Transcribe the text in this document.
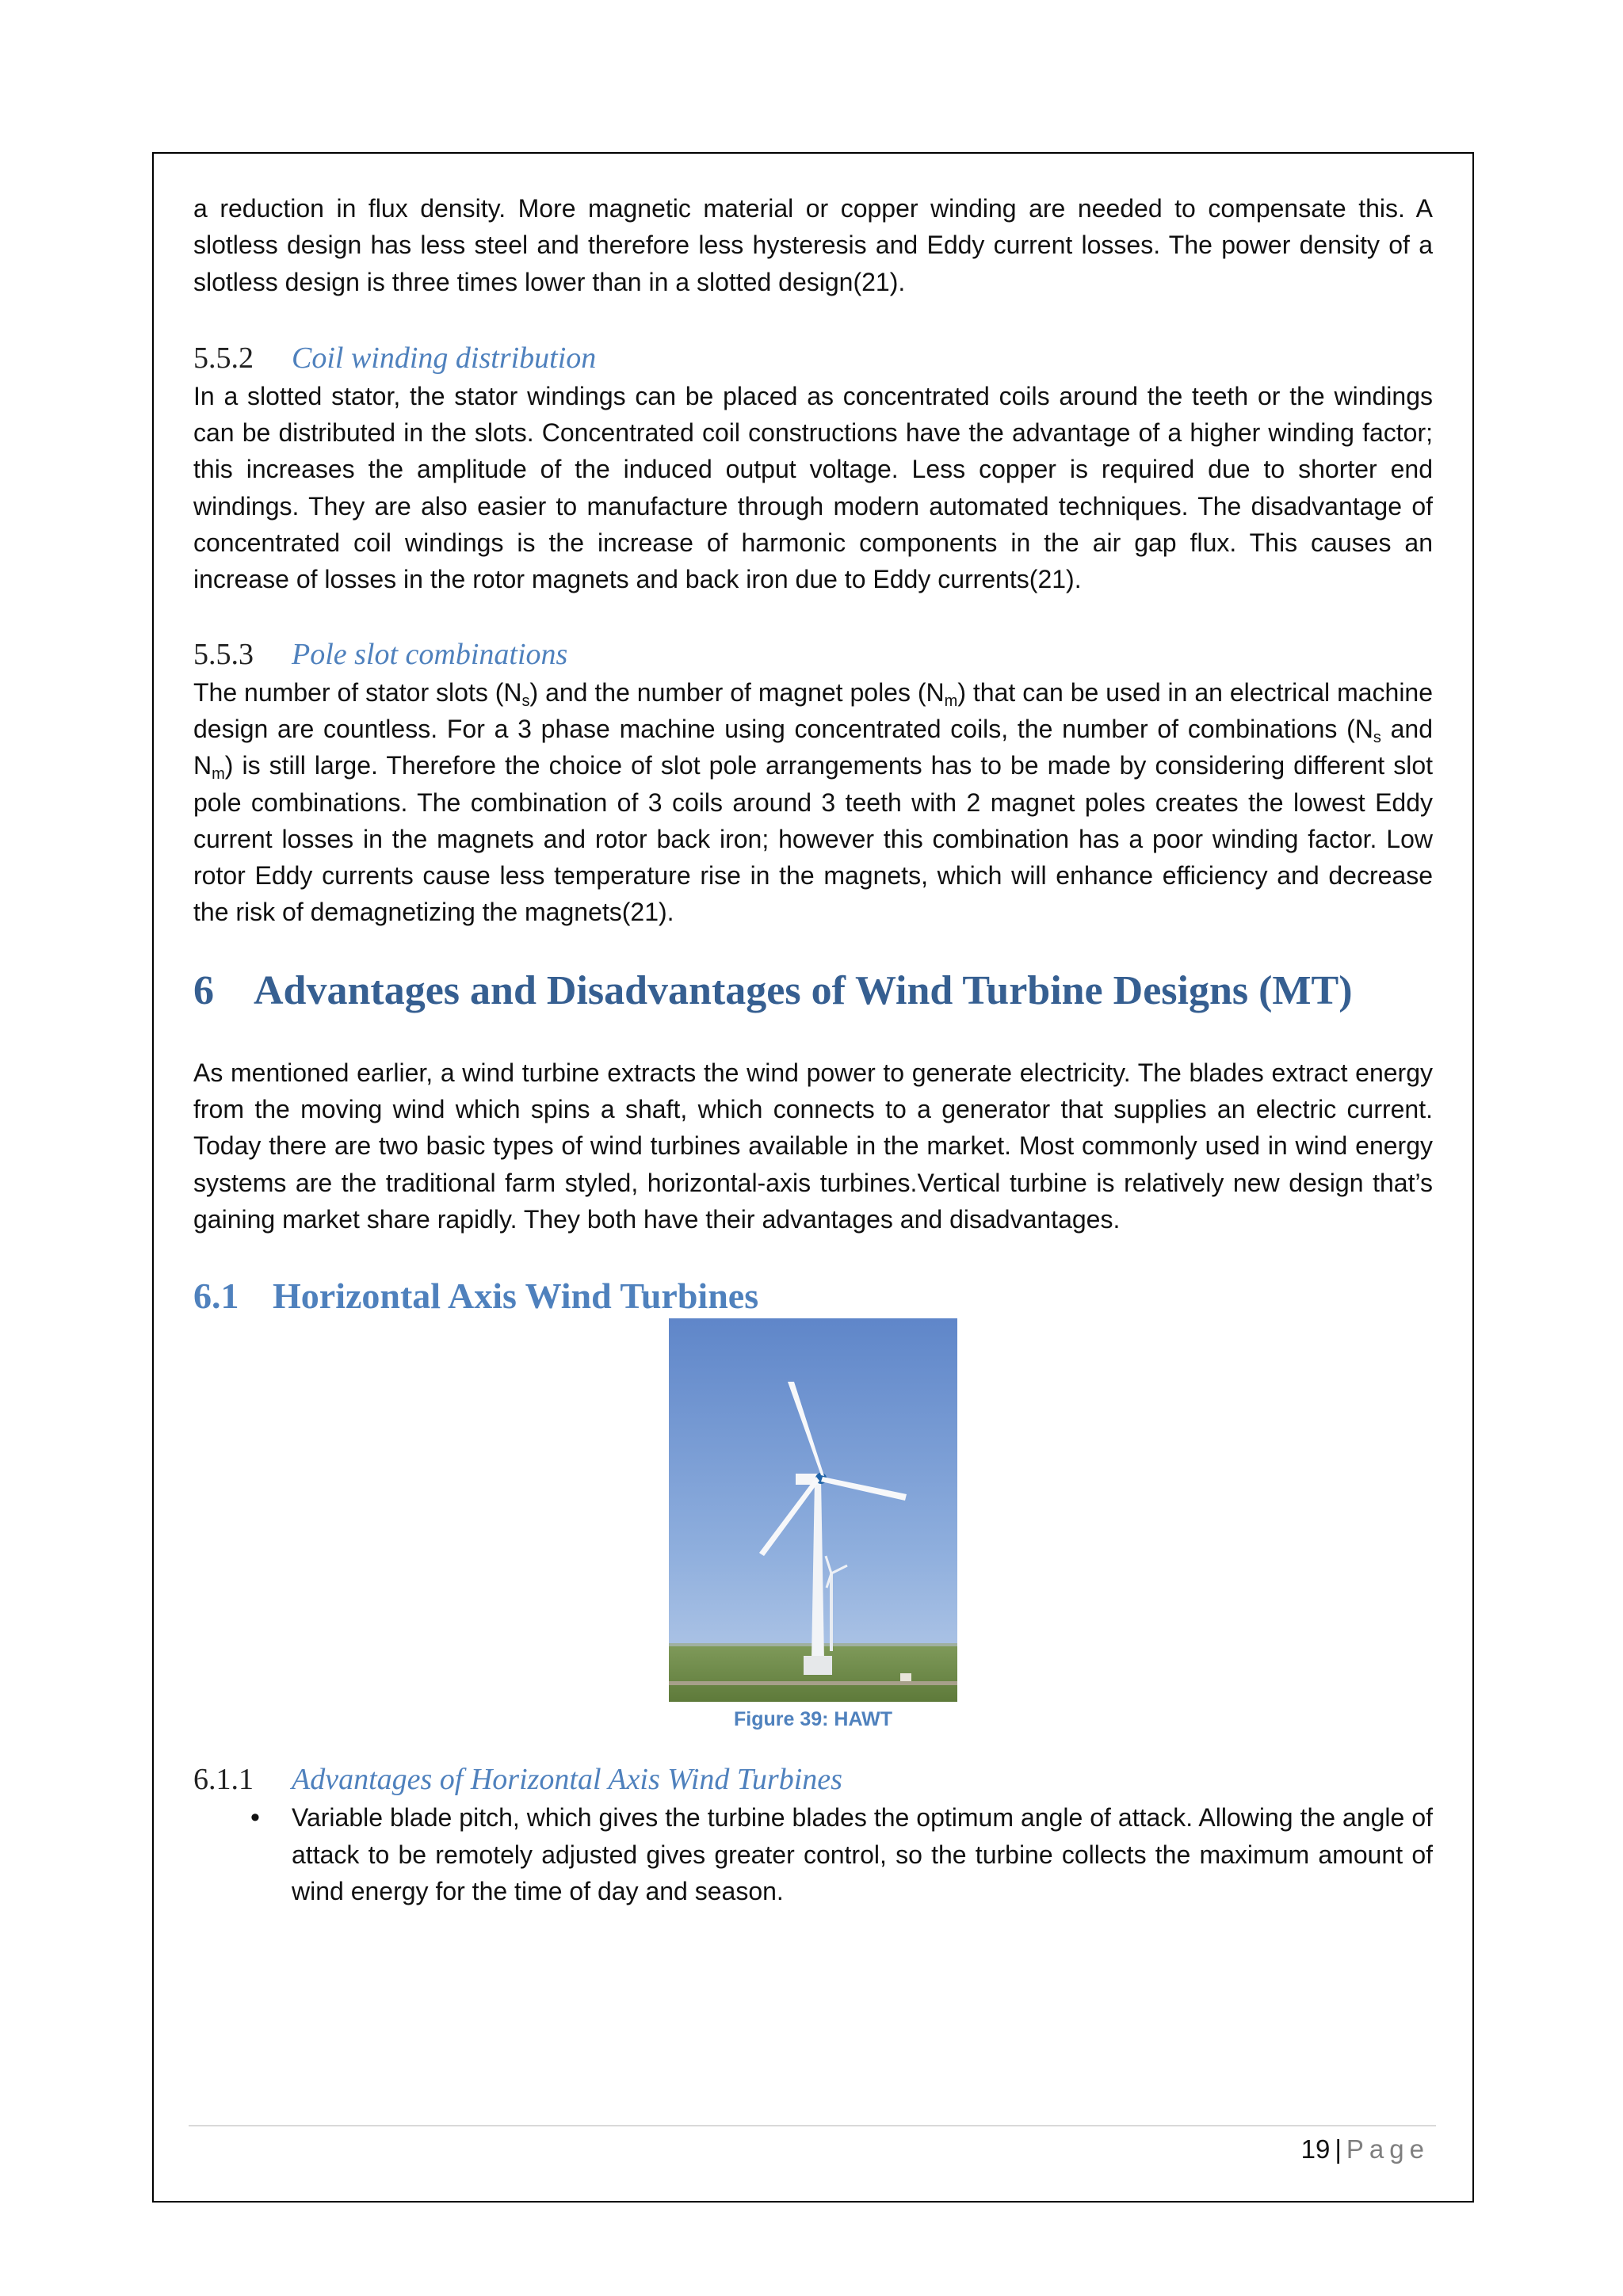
a reduction in flux density. More magnetic material or copper winding are needed to compensate this. A slotless design has less steel and therefore less hysteresis and Eddy current losses. The power density of a slotless design is three times lower than in a slotted design(21).

5.5.2	Coil winding distribution

In a slotted stator, the stator windings can be placed as concentrated coils around the teeth or the windings can be distributed in the slots. Concentrated coil constructions have the advantage of a higher winding factor; this increases the amplitude of the induced output voltage. Less copper is required due to shorter end windings. They are also easier to manufacture through modern automated techniques. The disadvantage of concentrated coil windings is the increase of harmonic components in the air gap flux. This causes an increase of losses in the rotor magnets and back iron due to Eddy currents(21).

5.5.3	Pole slot combinations

The number of stator slots $(N_s)$ and the number of magnet poles $(N_m)$ that can be used in an electrical machine design are countless. For a 3 phase machine using concentrated coils, the number of combinations ($N_s$ and $N_m$) is still large. Therefore the choice of slot pole arrangements has to be made by considering different slot pole combinations. The combination of 3 coils around 3 teeth with 2 magnet poles creates the lowest Eddy current losses in the magnets and rotor back iron; however this combination has a poor winding factor. Low rotor Eddy currents cause less temperature rise in the magnets, which will enhance efficiency and decrease the risk of demagnetizing the magnets(21).

6 Advantages and Disadvantages of Wind Turbine Designs (MT)

As mentioned earlier, a wind turbine extracts the wind power to generate electricity. The blades extract energy from the moving wind which spins a shaft, which connects to a generator that supplies an electric current. Today there are two basic types of wind turbines available in the market. Most commonly used in wind energy systems are the traditional farm styled, horizontal-axis turbines.Vertical turbine is relatively new design that’s gaining market share rapidly. They both have their advantages and disadvantages.

6.1 Horizontal Axis Wind Turbines
Figure 39: HAWT
6.1.1	Advantages of Horizontal Axis Wind Turbines
• Variable blade pitch, which gives the turbine blades the optimum angle of attack. Allowing the angle of attack to be remotely adjusted gives greater control, so the turbine collects the maximum amount of wind energy for the time of day and season.
19 | Page
